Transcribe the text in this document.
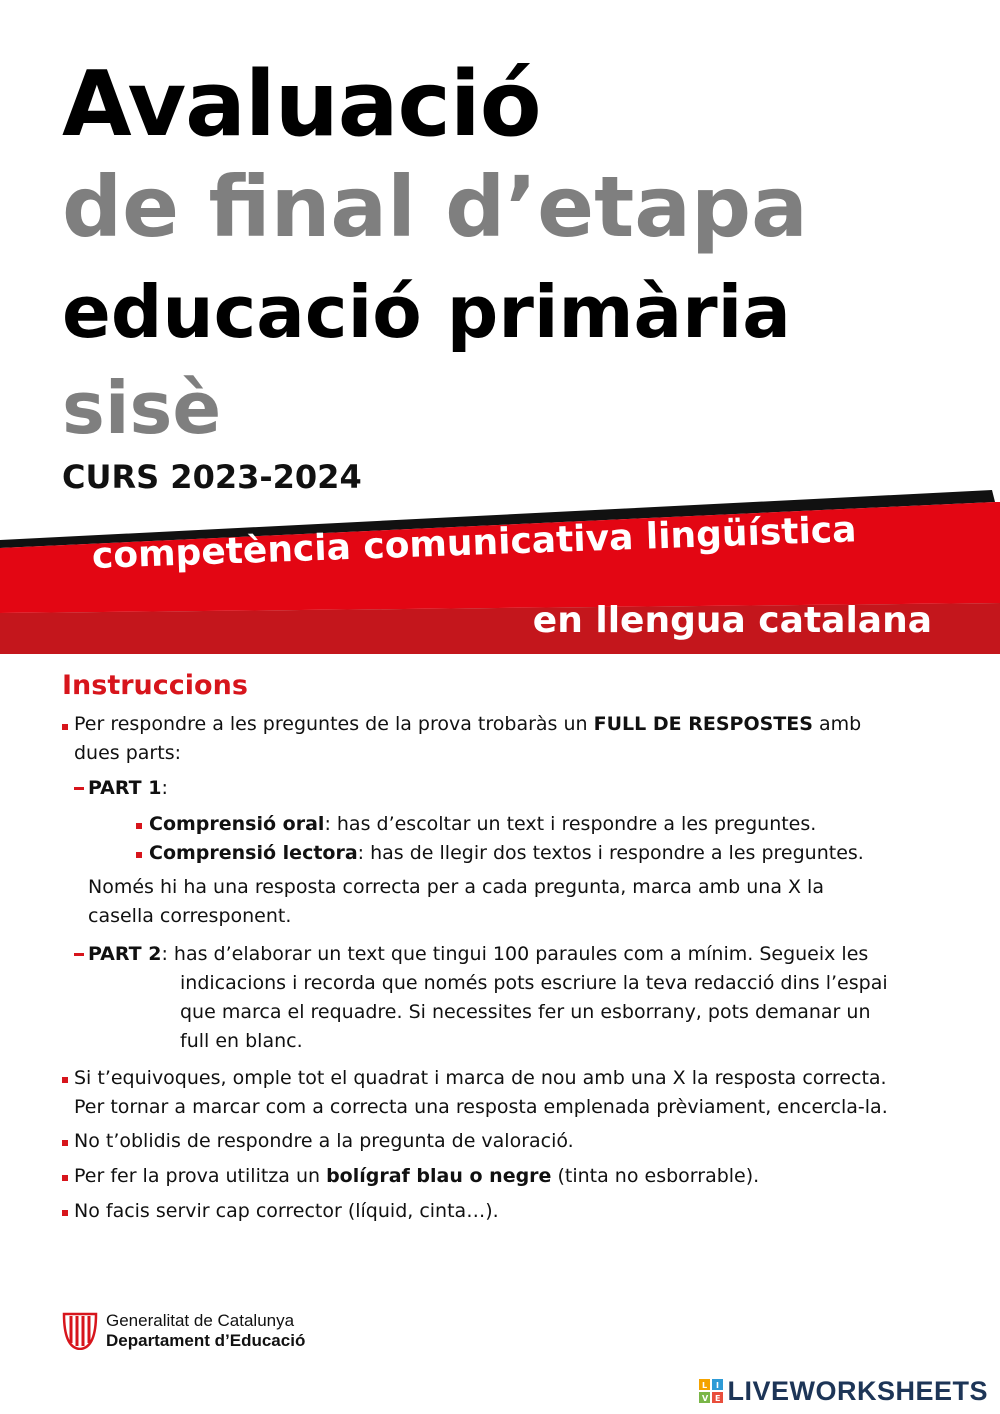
Avaluació
de final d’etapa
educació primària
sisè
CURS 2023-2024
competència comunicativa lingüística
en llengua catalana
Instruccions
Per respondre a les preguntes de la prova trobaràs un FULL DE RESPOSTES amb
dues parts:
PART 1:
Comprensió oral: has d’escoltar un text i respondre a les preguntes.
Comprensió lectora: has de llegir dos textos i respondre a les preguntes.
Només hi ha una resposta correcta per a cada pregunta, marca amb una X la
casella corresponent.
PART 2: has d’elaborar un text que tingui 100 paraules com a mínim. Segueix les
indicacions i recorda que només pots escriure la teva redacció dins l’espai
que marca el requadre. Si necessites fer un esborrany, pots demanar un
full en blanc.
Si t’equivoques, omple tot el quadrat i marca de nou amb una X la resposta correcta.
Per tornar a marcar com a correcta una resposta emplenada prèviament, encercla-la.
No t’oblidis de respondre a la pregunta de valoració.
Per fer la prova utilitza un bolígraf blau o negre (tinta no esborrable).
No facis servir cap corrector (líquid, cinta…).
Generalitat de Catalunya
Departament d’Educació
L I
V E LIVEWORKSHEETS
